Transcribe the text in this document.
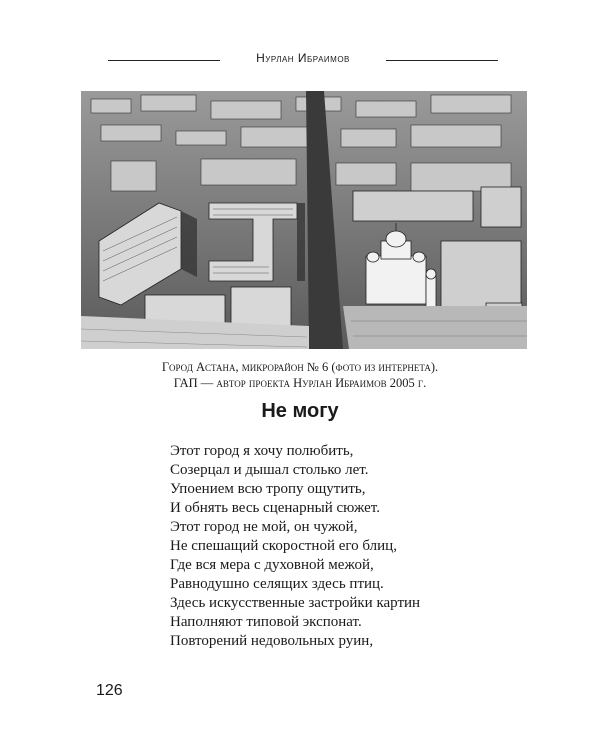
Нурлан Ибраимов
Город Астана, микрорайон № 6 (фото из интернета).
ГАП — автор проекта Нурлан Ибраимов 2005 г.
Не могу
Этот город я хочу полюбить,
Созерцал и дышал столько лет.
Упоением всю тропу ощутить,
И обнять весь сценарный сюжет.
Этот город не мой, он чужой,
Не спешащий скоростной его блиц,
Где вся мера с духовной межой,
Равнодушно селящих здесь птиц.
Здесь искусственные застройки картин
Наполняют типовой экспонат.
Повторений недовольных руин,
126
